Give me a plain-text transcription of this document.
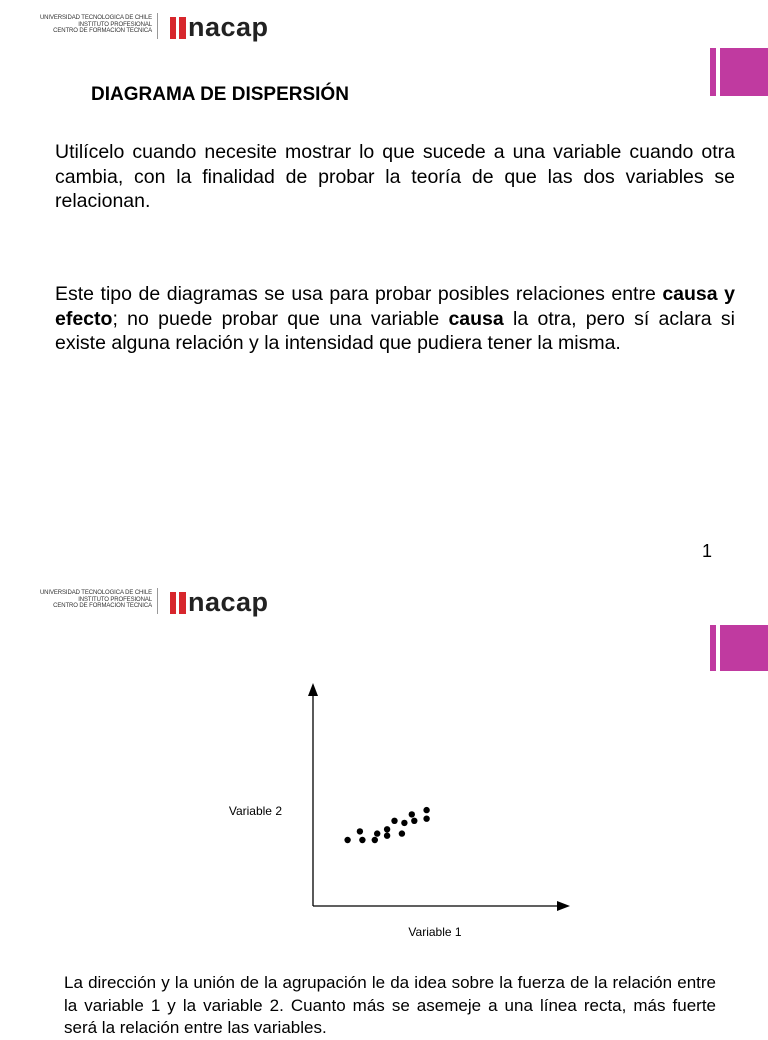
UNIVERSIDAD TECNOLOGICA DE CHILE
INSTITUTO PROFESIONAL
CENTRO DE FORMACION TECNICA nacap
DIAGRAMA DE DISPERSIÓN

Utilícelo cuando necesite mostrar lo que sucede a una variable cuando otra cambia, con la finalidad de probar la teoría de que las dos variables se relacionan.

Este tipo de diagramas se usa para probar posibles relaciones entre causa y efecto; no puede probar que una variable causa la otra, pero sí aclara si existe alguna relación y la intensidad que pudiera tener la misma.

1
UNIVERSIDAD TECNOLOGICA DE CHILE
INSTITUTO PROFESIONAL
CENTRO DE FORMACION TECNICA nacap
Variable 2
Variable 1

La dirección y la unión de la agrupación le da idea sobre la fuerza de la relación entre la variable 1 y la variable 2. Cuanto más se asemeje a una línea recta, más fuerte será la relación entre las variables.
